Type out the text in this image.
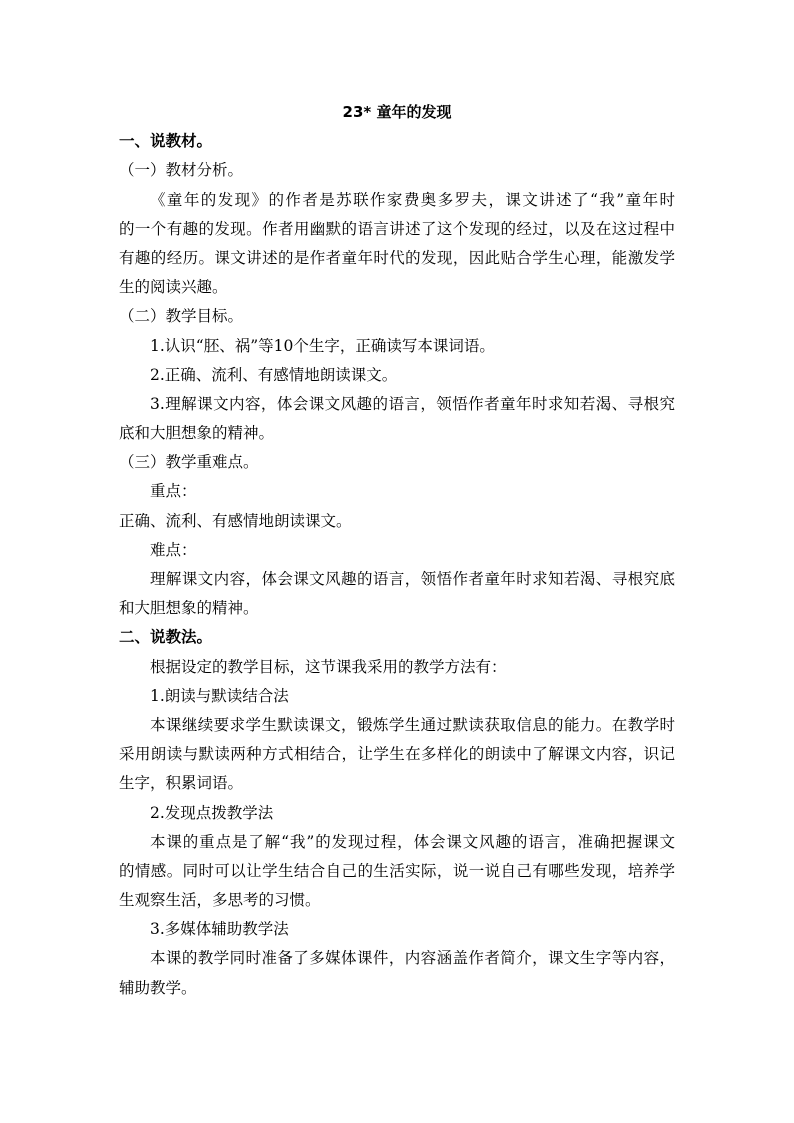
23* 童年的发现
一、说教材。
（一）教材分析。
《童年的发现》的作者是苏联作家费奥多罗夫，课文讲述了“我”童年时
的一个有趣的发现。作者用幽默的语言讲述了这个发现的经过，以及在这过程中
有趣的经历。课文讲述的是作者童年时代的发现，因此贴合学生心理，能激发学
生的阅读兴趣。
（二）教学目标。
1.认识“胚、祸”等10个生字，正确读写本课词语。
2.正确、流利、有感情地朗读课文。
3.理解课文内容，体会课文风趣的语言，领悟作者童年时求知若渴、寻根究
底和大胆想象的精神。
（三）教学重难点。
重点：
正确、流利、有感情地朗读课文。
难点：
理解课文内容，体会课文风趣的语言，领悟作者童年时求知若渴、寻根究底
和大胆想象的精神。
二、说教法。
根据设定的教学目标，这节课我采用的教学方法有：
1.朗读与默读结合法
本课继续要求学生默读课文，锻炼学生通过默读获取信息的能力。在教学时
采用朗读与默读两种方式相结合，让学生在多样化的朗读中了解课文内容，识记
生字，积累词语。
2.发现点拨教学法
本课的重点是了解“我”的发现过程，体会课文风趣的语言，准确把握课文
的情感。同时可以让学生结合自己的生活实际，说一说自己有哪些发现，培养学
生观察生活，多思考的习惯。
3.多媒体辅助教学法
本课的教学同时准备了多媒体课件，内容涵盖作者简介，课文生字等内容，
辅助教学。
